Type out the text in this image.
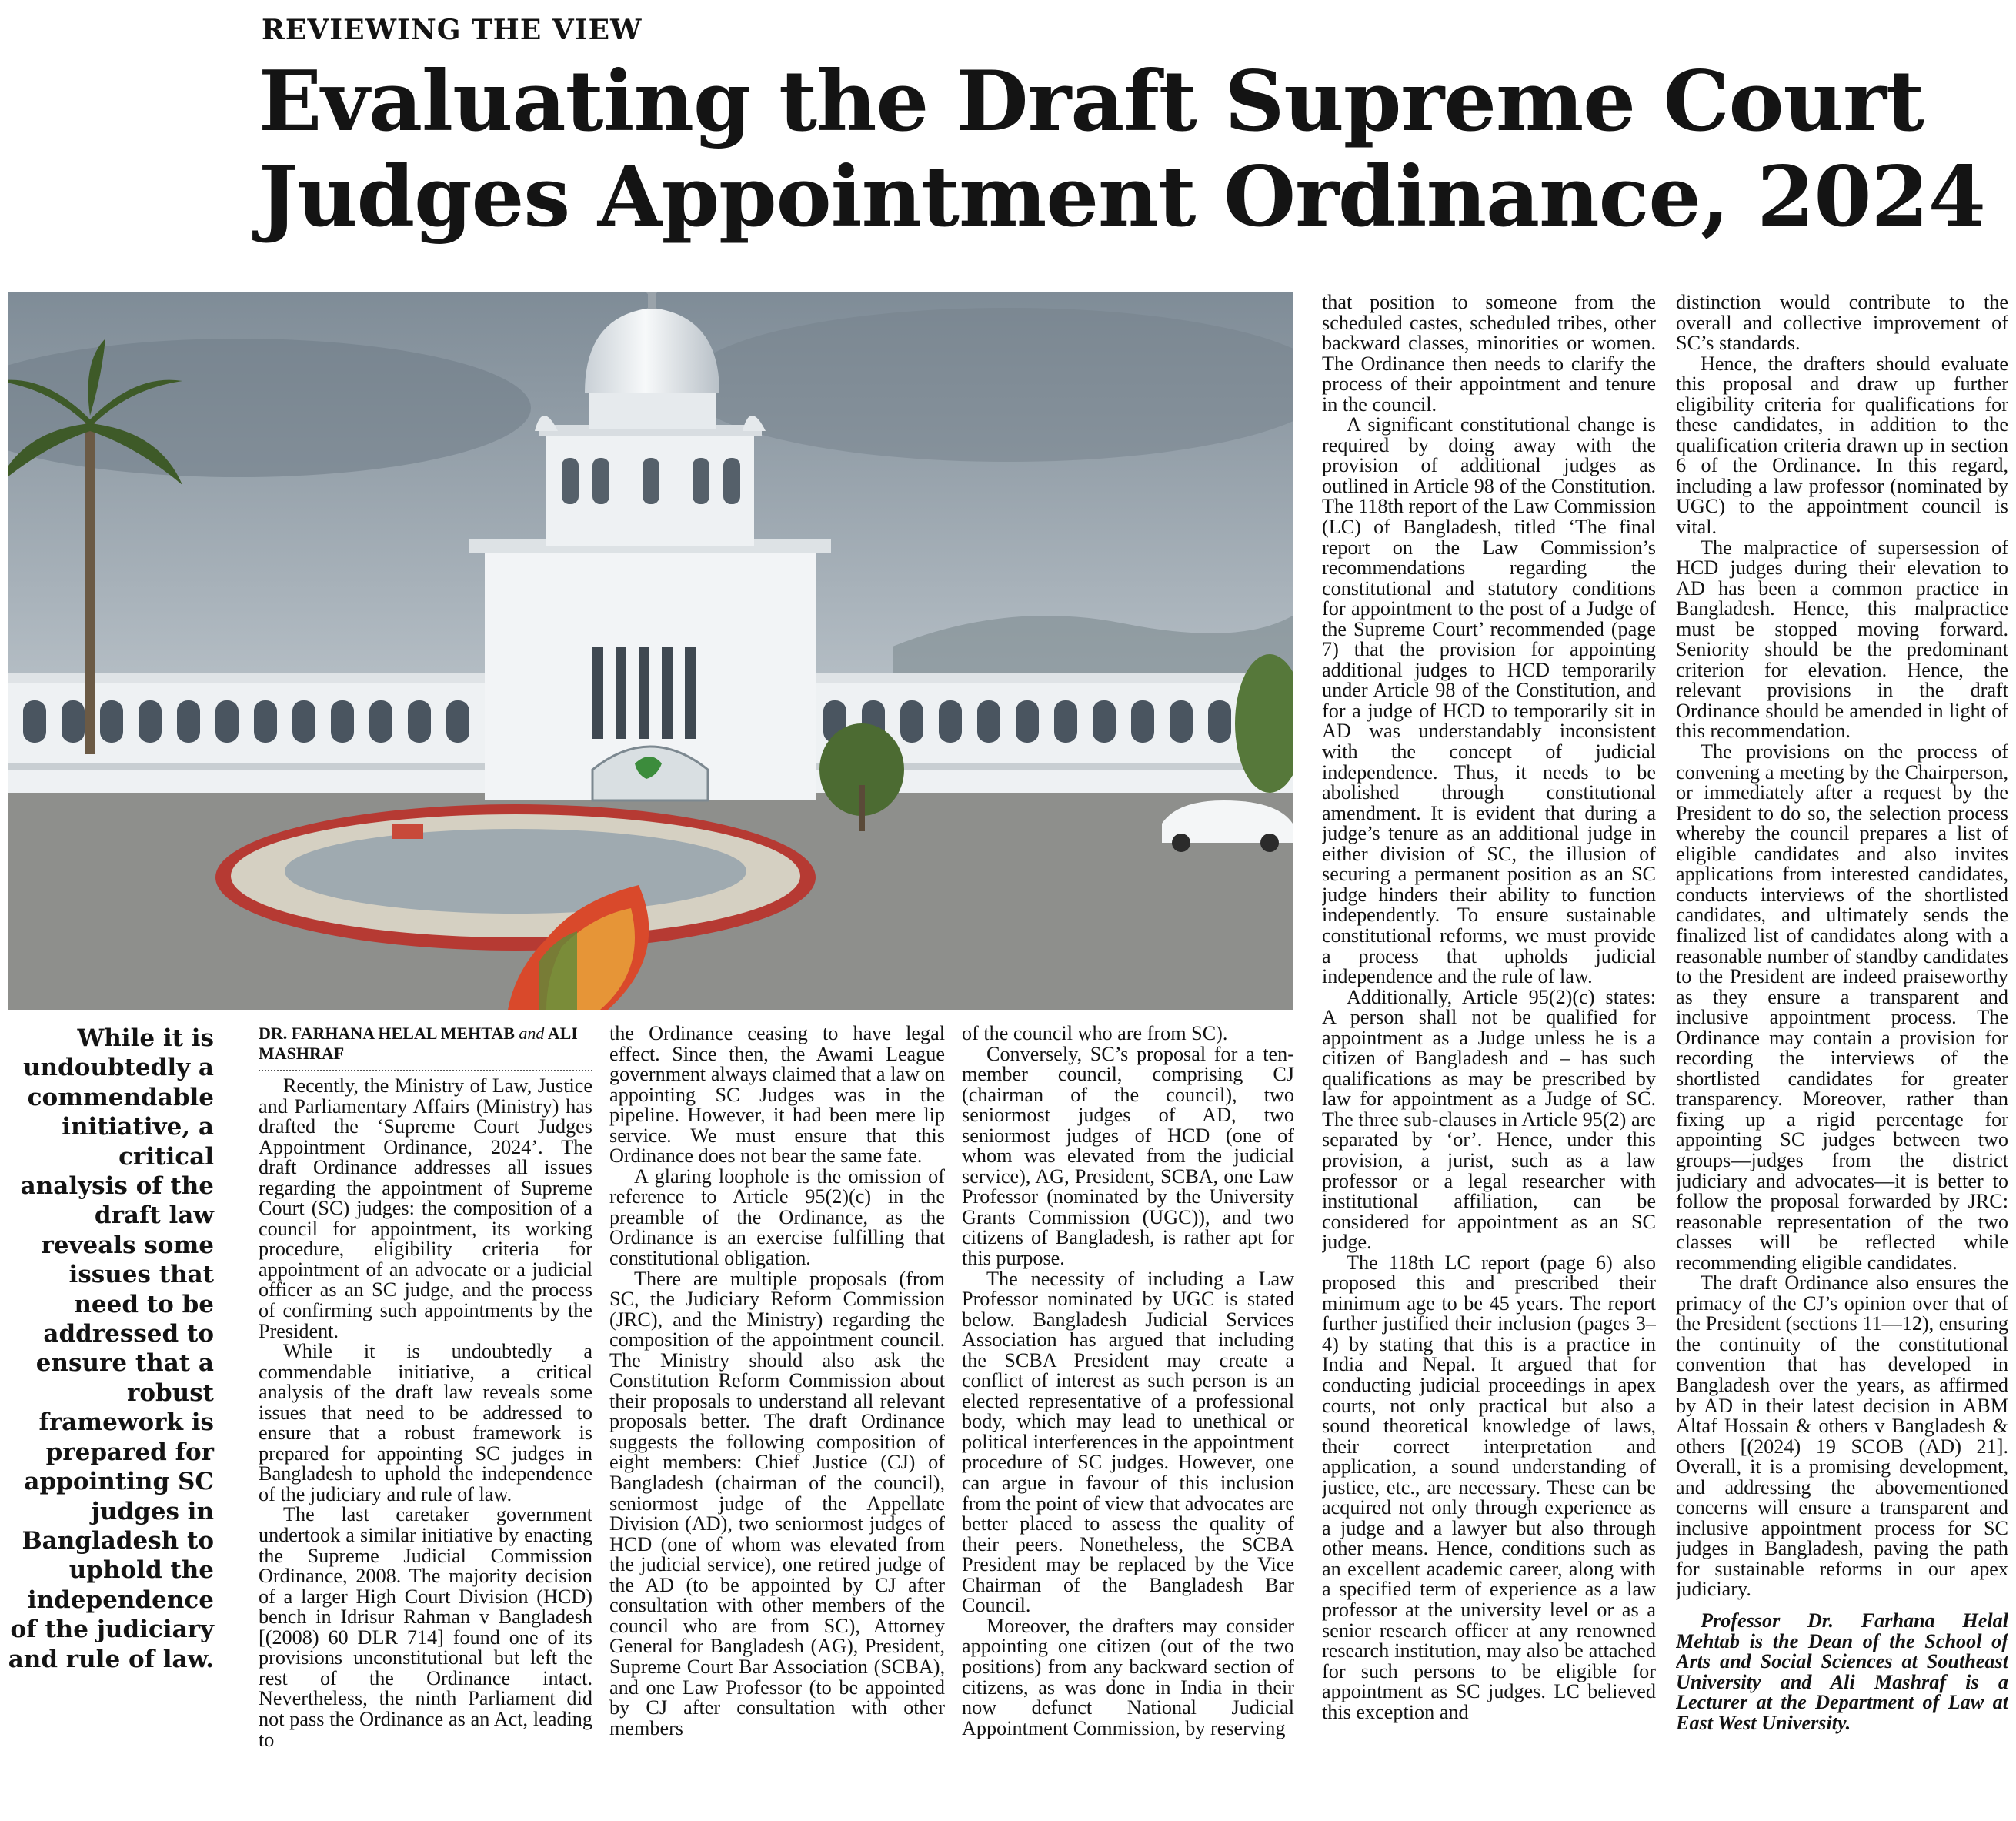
REVIEWING THE VIEW
Evaluating the Draft Supreme Court Judges Appointment Ordinance, 2024
While it is undoubtedly a commendable initiative, a critical analysis of the draft law reveals some issues that need to be addressed to ensure that a robust framework is prepared for appointing SC judges in Bangladesh to uphold the independence of the judiciary and rule of law.
DR. FARHANA HELAL MEHTAB and ALI MASHRAF

Recently, the Ministry of Law, Justice and Parliamentary Affairs (Ministry) has drafted the ‘Supreme Court Judges Appointment Ordinance, 2024’. The draft Ordinance addresses all issues regarding the appointment of Supreme Court (SC) judges: the composition of a council for appointment, its working procedure, eligibility criteria for appointment of an advocate or a judicial officer as an SC judge, and the process of confirming such appointments by the President.

While it is undoubtedly a commendable initiative, a critical analysis of the draft law reveals some issues that need to be addressed to ensure that a robust framework is prepared for appointing SC judges in Bangladesh to uphold the independence of the judiciary and rule of law.

The last caretaker government undertook a similar initiative by enacting the Supreme Judicial Commission Ordinance, 2008. The majority decision of a larger High Court Division (HCD) bench in Idrisur Rahman v Bangladesh [(2008) 60 DLR 714] found one of its provisions unconstitutional but left the rest of the Ordinance intact. Nevertheless, the ninth Parliament did not pass the Ordinance as an Act, leading to

the Ordinance ceasing to have legal effect. Since then, the Awami League government always claimed that a law on appointing SC Judges was in the pipeline. However, it had been mere lip service. We must ensure that this Ordinance does not bear the same fate.

A glaring loophole is the omission of reference to Article 95(2)(c) in the preamble of the Ordinance, as the Ordinance is an exercise fulfilling that constitutional obligation.

There are multiple proposals (from SC, the Judiciary Reform Commission (JRC), and the Ministry) regarding the composition of the appointment council. The Ministry should also ask the Constitution Reform Commission about their proposals to understand all relevant proposals better. The draft Ordinance suggests the following composition of eight members: Chief Justice (CJ) of Bangladesh (chairman of the council), seniormost judge of the Appellate Division (AD), two seniormost judges of HCD (one of whom was elevated from the judicial service), one retired judge of the AD (to be appointed by CJ after consultation with other members of the council who are from SC), Attorney General for Bangladesh (AG), President, Supreme Court Bar Association (SCBA), and one Law Professor (to be appointed by CJ after consultation with other members

of the council who are from SC).

Conversely, SC’s proposal for a ten-member council, comprising CJ (chairman of the council), two seniormost judges of AD, two seniormost judges of HCD (one of whom was elevated from the judicial service), AG, President, SCBA, one Law Professor (nominated by the University Grants Commission (UGC)), and two citizens of Bangladesh, is rather apt for this purpose.

The necessity of including a Law Professor nominated by UGC is stated below. Bangladesh Judicial Services Association has argued that including the SCBA President may create a conflict of interest as such person is an elected representative of a professional body, which may lead to unethical or political interferences in the appointment procedure of SC judges. However, one can argue in favour of this inclusion from the point of view that advocates are better placed to assess the quality of their peers. Nonetheless, the SCBA President may be replaced by the Vice Chairman of the Bangladesh Bar Council.

Moreover, the drafters may consider appointing one citizen (out of the two positions) from any backward section of citizens, as was done in India in their now defunct National Judicial Appointment Commission, by reserving

that position to someone from the scheduled castes, scheduled tribes, other backward classes, minorities or women. The Ordinance then needs to clarify the process of their appointment and tenure in the council.

A significant constitutional change is required by doing away with the provision of additional judges as outlined in Article 98 of the Constitution. The 118th report of the Law Commission (LC) of Bangladesh, titled ‘The final report on the Law Commission’s recommendations regarding the constitutional and statutory conditions for appointment to the post of a Judge of the Supreme Court’ recommended (page 7) that the provision for appointing additional judges to HCD temporarily under Article 98 of the Constitution, and for a judge of HCD to temporarily sit in AD was understandably inconsistent with the concept of judicial independence. Thus, it needs to be abolished through constitutional amendment. It is evident that during a judge’s tenure as an additional judge in either division of SC, the illusion of securing a permanent position as an SC judge hinders their ability to function independently. To ensure sustainable constitutional reforms, we must provide a process that upholds judicial independence and the rule of law.

Additionally, Article 95(2)(c) states: A person shall not be qualified for appointment as a Judge unless he is a citizen of Bangladesh and – has such qualifications as may be prescribed by law for appointment as a Judge of SC. The three sub-clauses in Article 95(2) are separated by ‘or’. Hence, under this provision, a jurist, such as a law professor or a legal researcher with institutional affiliation, can be considered for appointment as an SC judge.

The 118th LC report (page 6) also proposed this and prescribed their minimum age to be 45 years. The report further justified their inclusion (pages 3–4) by stating that this is a practice in India and Nepal. It argued that for conducting judicial proceedings in apex courts, not only practical but also a sound theoretical knowledge of laws, their correct interpretation and application, a sound understanding of justice, etc., are necessary. These can be acquired not only through experience as a judge and a lawyer but also through other means. Hence, conditions such as an excellent academic career, along with a specified term of experience as a law professor at the university level or as a senior research officer at any renowned research institution, may also be attached for such persons to be eligible for appointment as SC judges. LC believed this exception and

distinction would contribute to the overall and collective improvement of SC’s standards.

Hence, the drafters should evaluate this proposal and draw up further eligibility criteria for qualifications for these candidates, in addition to the qualification criteria drawn up in section 6 of the Ordinance. In this regard, including a law professor (nominated by UGC) to the appointment council is vital.

The malpractice of supersession of HCD judges during their elevation to AD has been a common practice in Bangladesh. Hence, this malpractice must be stopped moving forward. Seniority should be the predominant criterion for elevation. Hence, the relevant provisions in the draft Ordinance should be amended in light of this recommendation.

The provisions on the process of convening a meeting by the Chairperson, or immediately after a request by the President to do so, the selection process whereby the council prepares a list of eligible candidates and also invites applications from interested candidates, conducts interviews of the shortlisted candidates, and ultimately sends the finalized list of candidates along with a reasonable number of standby candidates to the President are indeed praiseworthy as they ensure a transparent and inclusive appointment process. The Ordinance may contain a provision for recording the interviews of the shortlisted candidates for greater transparency. Moreover, rather than fixing up a rigid percentage for appointing SC judges between two groups—judges from the district judiciary and advocates—it is better to follow the proposal forwarded by JRC: reasonable representation of the two classes will be reflected while recommending eligible candidates.

The draft Ordinance also ensures the primacy of the CJ’s opinion over that of the President (sections 11—12), ensuring the continuity of the constitutional convention that has developed in Bangladesh over the years, as affirmed by AD in their latest decision in ABM Altaf Hossain & others v Bangladesh & others [(2024) 19 SCOB (AD) 21]. Overall, it is a promising development, and addressing the abovementioned concerns will ensure a transparent and inclusive appointment process for SC judges in Bangladesh, paving the path for sustainable reforms in our apex judiciary.

Professor Dr. Farhana Helal Mehtab is the Dean of the School of Arts and Social Sciences at Southeast University and Ali Mashraf is a Lecturer at the Department of Law at East West University.
